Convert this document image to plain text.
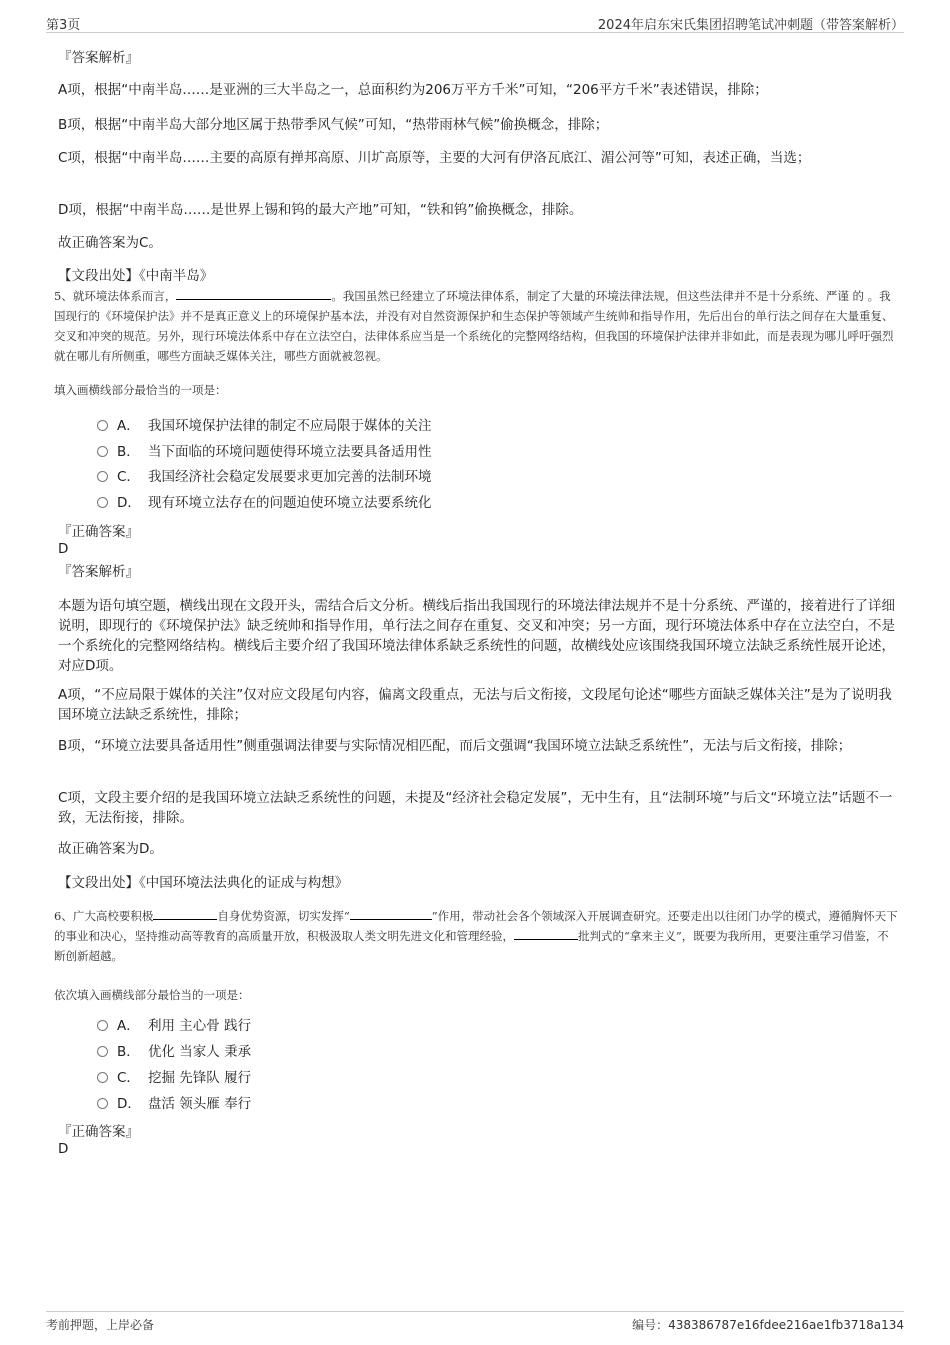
第3页	2024年启东宋氏集团招聘笔试冲刺题（带答案解析）
『答案解析』
A项，根据“中南半岛……是亚洲的三大半岛之一，总面积约为206万平方千米”可知，“206平方千米”表述错误，排除；
B项，根据“中南半岛大部分地区属于热带季风气候”可知，“热带雨林气候”偷换概念，排除；
C项，根据“中南半岛……主要的高原有掸邦高原、川圹高原等，主要的大河有伊洛瓦底江、湄公河等”可知，表述正确，当选；
D项，根据“中南半岛……是世界上锡和钨的最大产地”可知，“铁和钨”偷换概念，排除。
故正确答案为C。
【文段出处】《中南半岛》
5、就环境法体系而言，	。我国虽然已经建立了环境法律体系，制定了大量的环境法律法规，但这些法律并不是十分系统、严谨 的 。我国现行的《环境保护法》并不是真正意义上的环境保护基本法，并没有对自然资源保护和生态保护等领域产生统帅和指导作用，先后出台的单行法之间存在大量重复、交叉和冲突的规范。另外，现行环境法体系中存在立法空白，法律体系应当是一个系统化的完整网络结构，但我国的环境保护法律并非如此，而是表现为哪儿呼吁强烈就在哪儿有所侧重，哪些方面缺乏媒体关注，哪些方面就被忽视。
填入画横线部分最恰当的一项是：
A． 我国环境保护法律的制定不应局限于媒体的关注
B． 当下面临的环境问题使得环境立法要具备适用性
C． 我国经济社会稳定发展要求更加完善的法制环境
D． 现有环境立法存在的问题迫使环境立法要系统化
『正确答案』
D
『答案解析』
本题为语句填空题，横线出现在文段开头，需结合后文分析。横线后指出我国现行的环境法律法规并不是十分系统、严谨的，接着进行了详细说明，即现行的《环境保护法》缺乏统帅和指导作用，单行法之间存在重复、交叉和冲突；另一方面，现行环境法体系中存在立法空白，不是一个系统化的完整网络结构。横线后主要介绍了我国环境法律体系缺乏系统性的问题，故横线处应该围绕我国环境立法缺乏系统性展开论述，对应D项。
A项，“不应局限于媒体的关注”仅对应文段尾句内容，偏离文段重点，无法与后文衔接，文段尾句论述“哪些方面缺乏媒体关注”是为了说明我国环境立法缺乏系统性，排除；
B项，“环境立法要具备适用性”侧重强调法律要与实际情况相匹配，而后文强调“我国环境立法缺乏系统性”，无法与后文衔接，排除；
C项，文段主要介绍的是我国环境立法缺乏系统性的问题，未提及“经济社会稳定发展”，无中生有，且“法制环境”与后文“环境立法”话题不一致，无法衔接，排除。
故正确答案为D。
【文段出处】《中国环境法法典化的证成与构想》
6、广大高校要积极	自身优势资源，切实发挥“	”作用，带动社会各个领域深入开展调查研究。还要走出以往闭门办学的模式，遵循胸怀天下的事业和决心，坚持推动高等教育的高质量开放，积极汲取人类文明先进文化和管理经验，	批判式的“拿来主义”，既要为我所用，更要注重学习借鉴，不断创新超越。
依次填入画横线部分最恰当的一项是：
A． 利用 主心骨 践行
B． 优化 当家人 秉承
C． 挖掘 先锋队 履行
D． 盘活 领头雁 奉行
『正确答案』
D
考前押题，上岸必备	编号：438386787e16fdee216ae1fb3718a134
